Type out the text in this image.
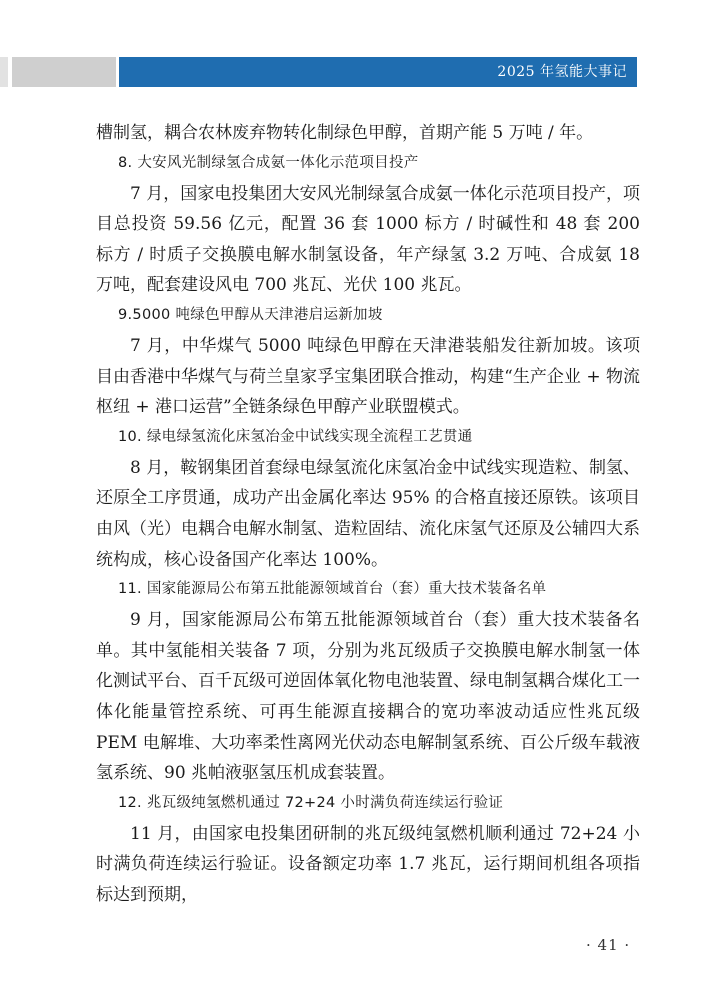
2025 年氢能大事记

槽制氢，耦合农林废弃物转化制绿色甲醇，首期产能 5 万吨 / 年。

8. 大安风光制绿氢合成氨一体化示范项目投产

7 月，国家电投集团大安风光制绿氢合成氨一体化示范项目投产，项目总投资 59.56 亿元，配置 36 套 1000 标方 / 时碱性和 48 套 200 标方 / 时质子交换膜电解水制氢设备，年产绿氢 3.2 万吨、合成氨 18 万吨，配套建设风电 700 兆瓦、光伏 100 兆瓦。

9.5000 吨绿色甲醇从天津港启运新加坡

7 月，中华煤气 5000 吨绿色甲醇在天津港装船发往新加坡。该项目由香港中华煤气与荷兰皇家孚宝集团联合推动，构建“生产企业 + 物流枢纽 + 港口运营”全链条绿色甲醇产业联盟模式。

10. 绿电绿氢流化床氢冶金中试线实现全流程工艺贯通

8 月，鞍钢集团首套绿电绿氢流化床氢冶金中试线实现造粒、制氢、还原全工序贯通，成功产出金属化率达 95% 的合格直接还原铁。该项目由风（光）电耦合电解水制氢、造粒固结、流化床氢气还原及公辅四大系统构成，核心设备国产化率达 100%。

11. 国家能源局公布第五批能源领域首台（套）重大技术装备名单

9 月，国家能源局公布第五批能源领域首台（套）重大技术装备名单。其中氢能相关装备 7 项，分别为兆瓦级质子交换膜电解水制氢一体化测试平台、百千瓦级可逆固体氧化物电池装置、绿电制氢耦合煤化工一体化能量管控系统、可再生能源直接耦合的宽功率波动适应性兆瓦级 PEM 电解堆、大功率柔性离网光伏动态电解制氢系统、百公斤级车载液氢系统、90 兆帕液驱氢压机成套装置。

12. 兆瓦级纯氢燃机通过 72+24 小时满负荷连续运行验证

11 月，由国家电投集团研制的兆瓦级纯氢燃机顺利通过 72+24 小时满负荷连续运行验证。设备额定功率 1.7 兆瓦，运行期间机组各项指标达到预期，

· 41 ·
